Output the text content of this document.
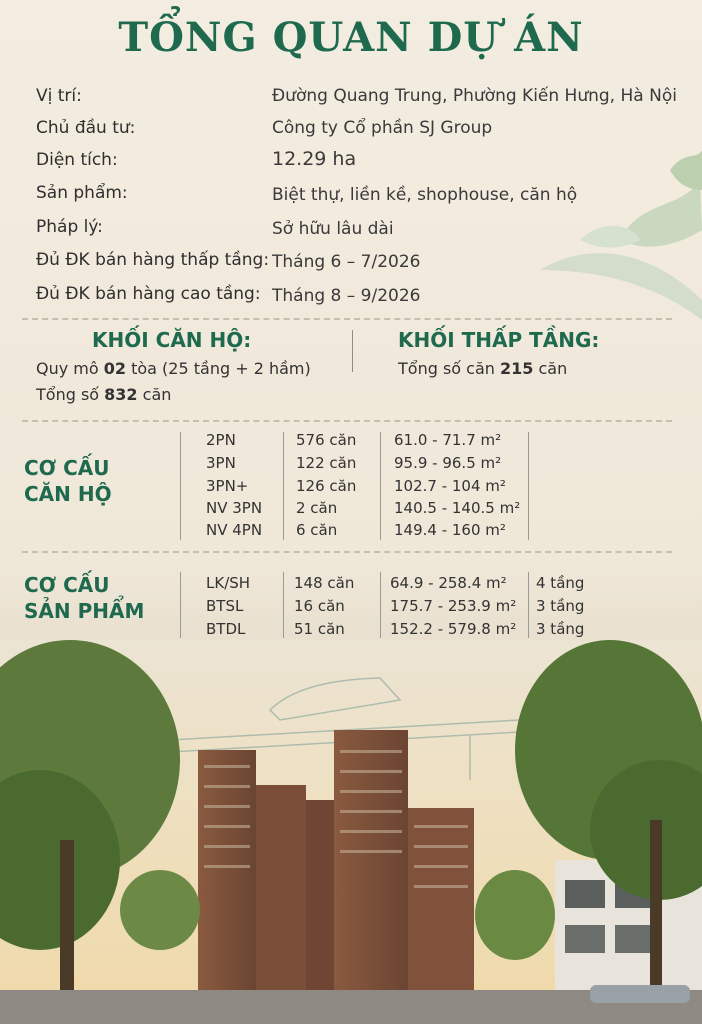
TỔNG QUAN DỰ ÁN
Vị trí:	Đường Quang Trung, Phường Kiến Hưng, Hà Nội
Chủ đầu tư:	Công ty Cổ phần SJ Group
Diện tích:	12.29 ha
Sản phẩm:	Biệt thự, liền kề, shophouse, căn hộ
Pháp lý:	Sở hữu lâu dài
Đủ ĐK bán hàng thấp tầng: Tháng 6 – 7/2026
Đủ ĐK bán hàng cao tầng: Tháng 8 – 9/2026
KHỐI CĂN HỘ:
Quy mô 02 tòa (25 tầng + 2 hầm)
Tổng số 832 căn
KHỐI THẤP TẦNG:
Tổng số căn 215 căn
CƠ CẤU
CĂN HỘ
2PN	576 căn	61.0 - 71.7 m²
3PN	122 căn	95.9 - 96.5 m²
3PN+	126 căn	102.7 - 104 m²
NV 3PN 2 căn	140.5 - 140.5 m²
NV 4PN 6 căn	149.4 - 160 m²
CƠ CẤU
SẢN PHẨM
LK/SH	148 căn 64.9 - 258.4 m² 4 tầng
BTSL	16 căn	175.7 - 253.9 m² 3 tầng
BTDL	51 căn	152.2 - 579.8 m² 3 tầng
